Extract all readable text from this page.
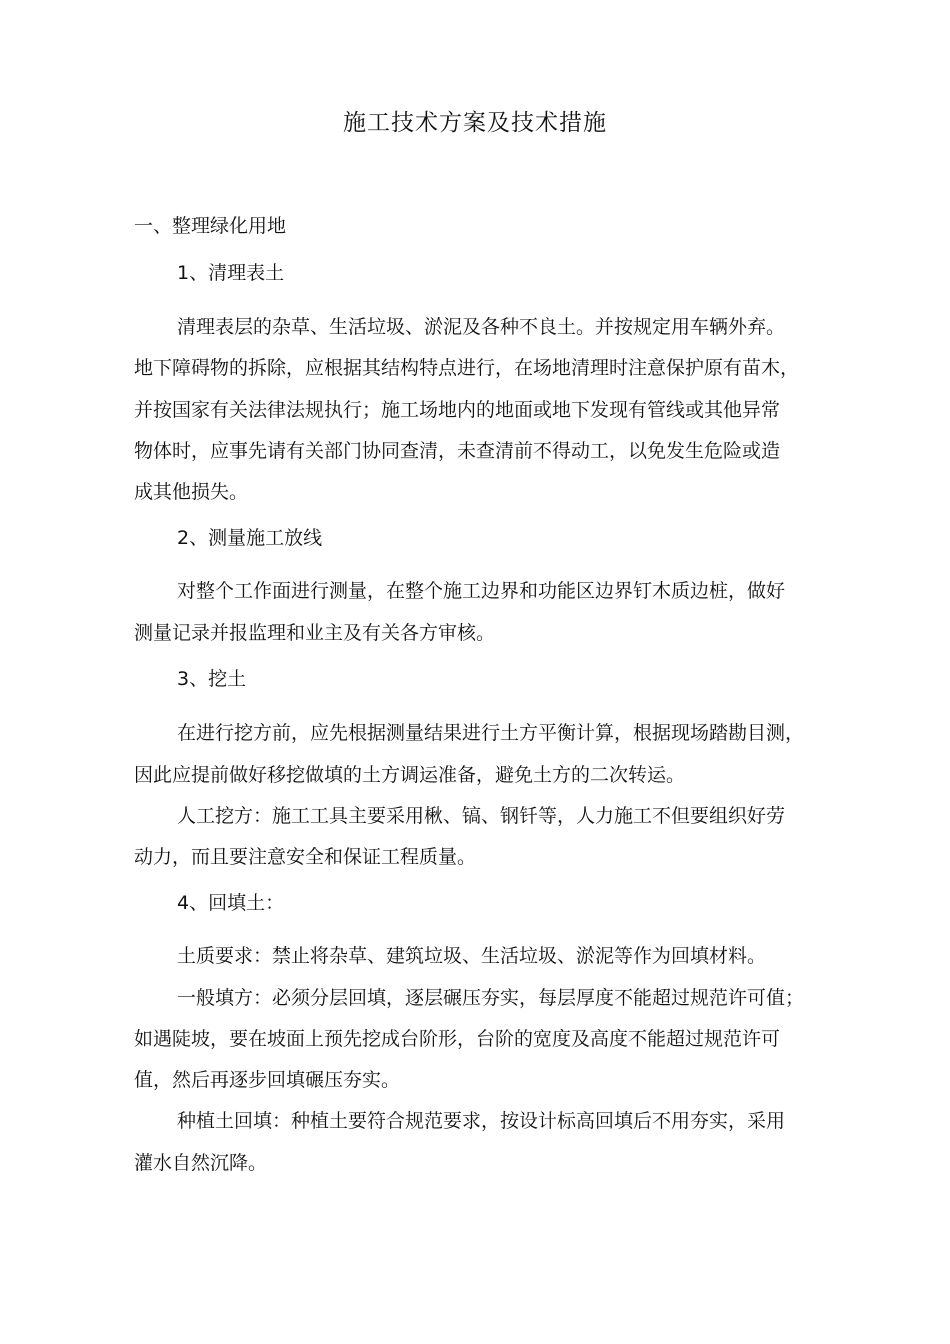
施工技术方案及技术措施
一、整理绿化用地
1、清理表土
清理表层的杂草、生活垃圾、淤泥及各种不良土。并按规定用车辆外弃。
地下障碍物的拆除，应根据其结构特点进行，在场地清理时注意保护原有苗木，
并按国家有关法律法规执行；施工场地内的地面或地下发现有管线或其他异常
物体时，应事先请有关部门协同查清，未查清前不得动工，以免发生危险或造
成其他损失。
2、测量施工放线
对整个工作面进行测量，在整个施工边界和功能区边界钉木质边桩，做好
测量记录并报监理和业主及有关各方审核。
3、挖土
在进行挖方前，应先根据测量结果进行土方平衡计算，根据现场踏勘目测，
因此应提前做好移挖做填的土方调运准备，避免土方的二次转运。
人工挖方：施工工具主要采用楸、镐、钢钎等，人力施工不但要组织好劳
动力，而且要注意安全和保证工程质量。
4、回填土：
土质要求：禁止将杂草、建筑垃圾、生活垃圾、淤泥等作为回填材料。
一般填方：必须分层回填，逐层碾压夯实，每层厚度不能超过规范许可值；
如遇陡坡，要在坡面上预先挖成台阶形，台阶的宽度及高度不能超过规范许可
值，然后再逐步回填碾压夯实。
种植土回填：种植土要符合规范要求，按设计标高回填后不用夯实，采用
灌水自然沉降。
